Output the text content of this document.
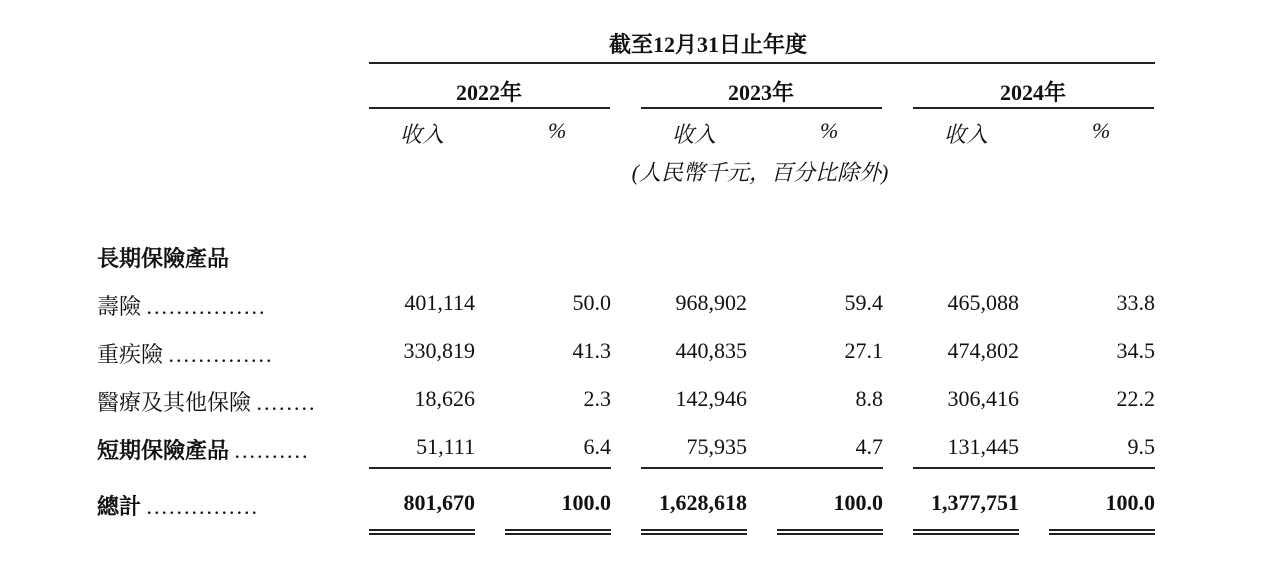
截至12月31日止年度
2022年	2023年	2024年
收入	%	收入	%	收入	%
(人民幣千元，百分比除外)
長期保險產品
壽險 ................	401,114	50.0	968,902	59.4	465,088	33.8
重疾險 ..............	330,819	41.3	440,835	27.1	474,802	34.5
醫療及其他保險 ........	18,626	2.3	142,946	8.8	306,416	22.2
短期保險產品 ..........	51,111	6.4	75,935	4.7	131,445	9.5
總計 ...............	801,670	100.0	1,628,618	100.0	1,377,751	100.0
